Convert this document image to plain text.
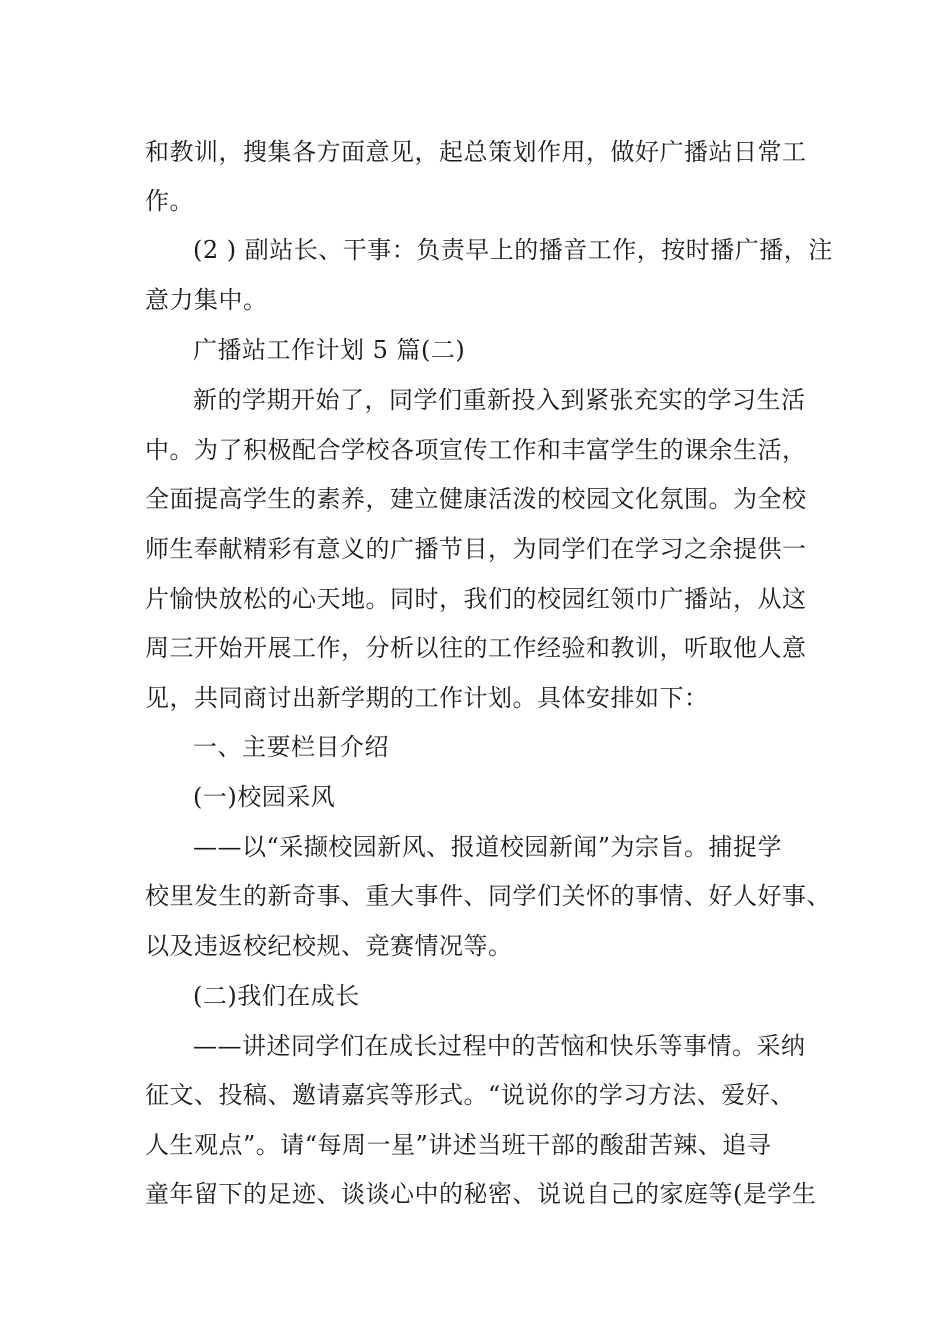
和教训，搜集各方面意见，起总策划作用，做好广播站日常工

作。

(2 ) 副站长、干事：负责早上的播音工作，按时播广播，注

意力集中。

广播站工作计划 5 篇(二)

新的学期开始了，同学们重新投入到紧张充实的学习生活

中。为了积极配合学校各项宣传工作和丰富学生的课余生活，

全面提高学生的素养，建立健康活泼的校园文化氛围。为全校

师生奉献精彩有意义的广播节目，为同学们在学习之余提供一

片愉快放松的心天地。同时，我们的校园红领巾广播站，从这

周三开始开展工作，分析以往的工作经验和教训，听取他人意

见，共同商讨出新学期的工作计划。具体安排如下：

一、主要栏目介绍

(一)校园采风

——以“采撷校园新风、报道校园新闻”为宗旨。捕捉学

校里发生的新奇事、重大事件、同学们关怀的事情、好人好事、

以及违返校纪校规、竞赛情况等。

(二)我们在成长

——讲述同学们在成长过程中的苦恼和快乐等事情。采纳

征文、投稿、邀请嘉宾等形式。“说说你的学习方法、爱好、

人生观点”。请“每周一星”讲述当班干部的酸甜苦辣、追寻

童年留下的足迹、谈谈心中的秘密、说说自己的家庭等(是学生
